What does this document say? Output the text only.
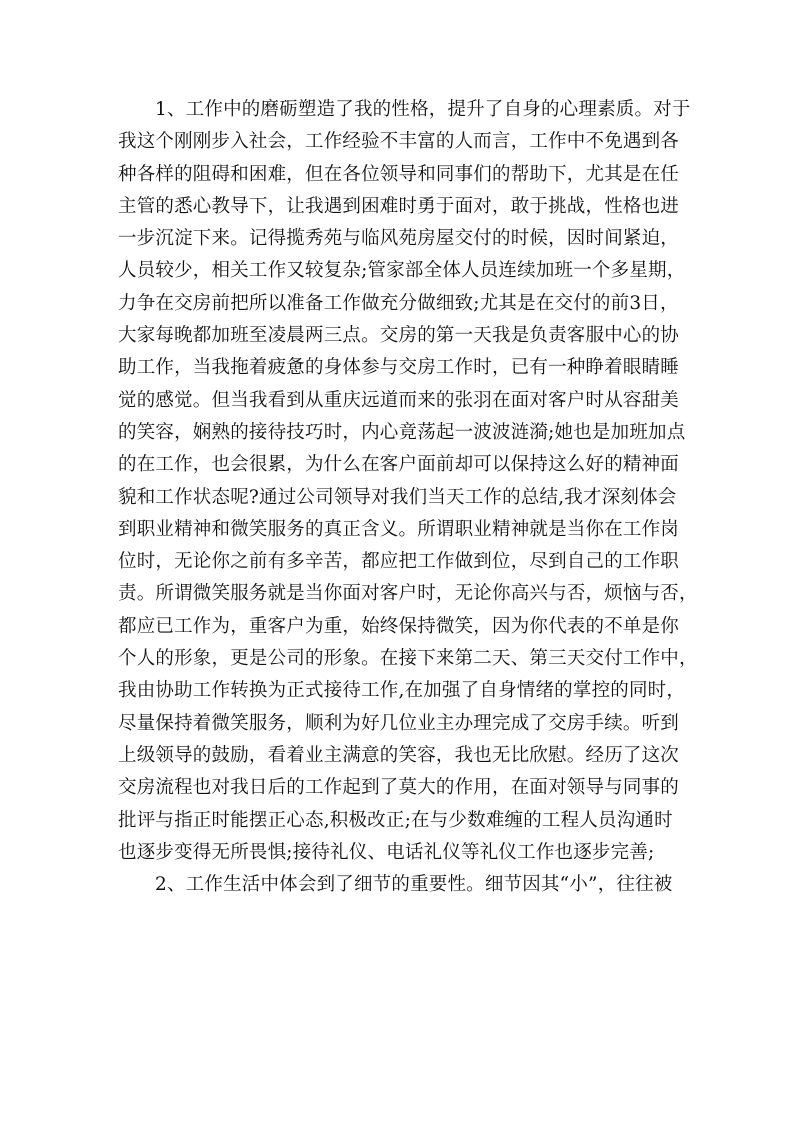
1、工作中的磨砺塑造了我的性格，提升了自身的心理素质。对于
我这个刚刚步入社会，工作经验不丰富的人而言，工作中不免遇到各
种各样的阻碍和困难，但在各位领导和同事们的帮助下，尤其是在任
主管的悉心教导下，让我遇到困难时勇于面对，敢于挑战，性格也进
一步沉淀下来。记得揽秀苑与临风苑房屋交付的时候，因时间紧迫，
人员较少，相关工作又较复杂;管家部全体人员连续加班一个多星期，
力争在交房前把所以准备工作做充分做细致;尤其是在交付的前3日，
大家每晚都加班至凌晨两三点。交房的第一天我是负责客服中心的协
助工作，当我拖着疲惫的身体参与交房工作时，已有一种睁着眼睛睡
觉的感觉。但当我看到从重庆远道而来的张羽在面对客户时从容甜美
的笑容，娴熟的接待技巧时，内心竟荡起一波波涟漪;她也是加班加点
的在工作，也会很累，为什么在客户面前却可以保持这么好的精神面
貌和工作状态呢?通过公司领导对我们当天工作的总结,我才深刻体会
到职业精神和微笑服务的真正含义。所谓职业精神就是当你在工作岗
位时，无论你之前有多辛苦，都应把工作做到位，尽到自己的工作职
责。所谓微笑服务就是当你面对客户时，无论你高兴与否，烦恼与否，
都应已工作为，重客户为重，始终保持微笑，因为你代表的不单是你
个人的形象，更是公司的形象。在接下来第二天、第三天交付工作中，
我由协助工作转换为正式接待工作,在加强了自身情绪的掌控的同时，
尽量保持着微笑服务，顺利为好几位业主办理完成了交房手续。听到
上级领导的鼓励，看着业主满意的笑容，我也无比欣慰。经历了这次
交房流程也对我日后的工作起到了莫大的作用，在面对领导与同事的
批评与指正时能摆正心态,积极改正;在与少数难缠的工程人员沟通时
也逐步变得无所畏惧;接待礼仪、电话礼仪等礼仪工作也逐步完善;
2、工作生活中体会到了细节的重要性。细节因其“小”，往往被
